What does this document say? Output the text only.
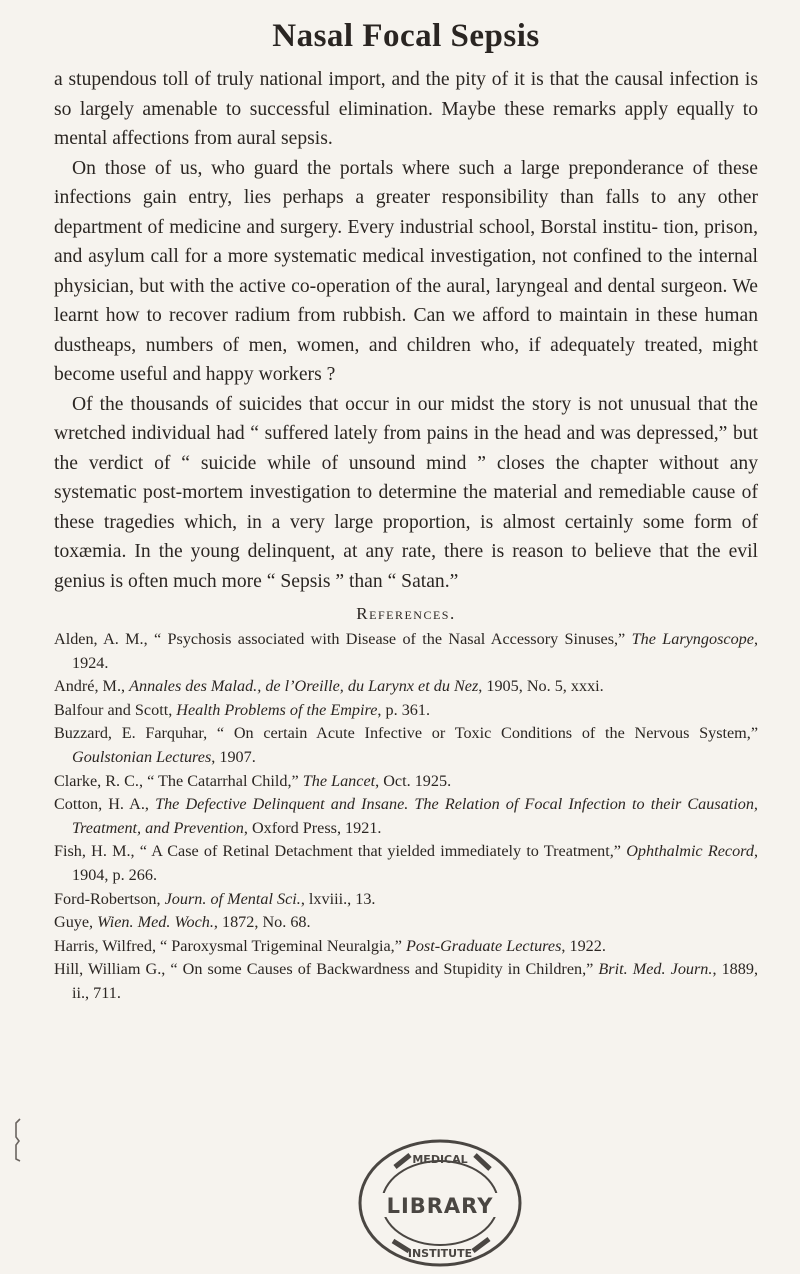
Nasal Focal Sepsis

a stupendous toll of truly national import, and the pity of it is that the causal infection is so largely amenable to successful elimination. Maybe these remarks apply equally to mental affections from aural sepsis.

On those of us, who guard the portals where such a large preponderance of these infections gain entry, lies perhaps a greater responsibility than falls to any other department of medicine and surgery. Every industrial school, Borstal institu- tion, prison, and asylum call for a more systematic medical investigation, not confined to the internal physician, but with the active co-operation of the aural, laryngeal and dental surgeon. We learnt how to recover radium from rubbish. Can we afford to maintain in these human dustheaps, numbers of men, women, and children who, if adequately treated, might become useful and happy workers ?

Of the thousands of suicides that occur in our midst the story is not unusual that the wretched individual had “ suffered lately from pains in the head and was depressed,” but the verdict of “ suicide while of unsound mind ” closes the chapter without any systematic post-mortem investigation to determine the material and remediable cause of these tragedies which, in a very large proportion, is almost certainly some form of toxæmia. In the young delinquent, at any rate, there is reason to believe that the evil genius is often much more “ Sepsis ” than “ Satan.”

References.
Alden, A. M., “ Psychosis associated with Disease of the Nasal Accessory Sinuses,” The Laryngoscope, 1924.
André, M., Annales des Malad., de l’Oreille, du Larynx et du Nez, 1905, No. 5, xxxi.
Balfour and Scott, Health Problems of the Empire, p. 361.
Buzzard, E. Farquhar, “ On certain Acute Infective or Toxic Conditions of the Nervous System,” Goulstonian Lectures, 1907.
Clarke, R. C., “ The Catarrhal Child,” The Lancet, Oct. 1925.
Cotton, H. A., The Defective Delinquent and Insane. The Relation of Focal Infection to their Causation, Treatment, and Prevention, Oxford Press, 1921.
Fish, H. M., “ A Case of Retinal Detachment that yielded immediately to Treatment,” Ophthalmic Record, 1904, p. 266.
Ford-Robertson, Journ. of Mental Sci., lxviii., 13.
Guye, Wien. Med. Woch., 1872, No. 68.
Harris, Wilfred, “ Paroxysmal Trigeminal Neuralgia,” Post-Graduate Lectures, 1922.
Hill, William G., “ On some Causes of Backwardness and Stupidity in Children,” Brit. Med. Journ., 1889, ii., 711.
LIBRARY
MEDICAL
INSTITUTE
